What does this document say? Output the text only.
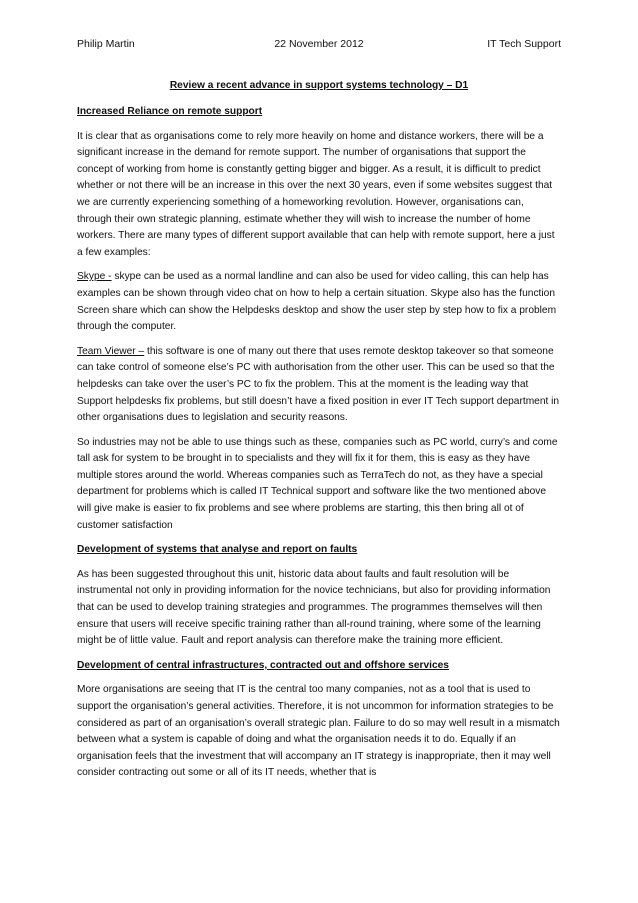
Philip Martin	22 November 2012	IT Tech Support
Review a recent advance in support systems technology – D1
Increased Reliance on remote support

It is clear that as organisations come to rely more heavily on home and distance workers, there will be a significant increase in the demand for remote support. The number of organisations that support the concept of working from home is constantly getting bigger and bigger. As a result, it is difficult to predict whether or not there will be an increase in this over the next 30 years, even if some websites suggest that we are currently experiencing something of a homeworking revolution. However, organisations can, through their own strategic planning, estimate whether they will wish to increase the number of home workers. There are many types of different support available that can help with remote support, here a just a few examples:

Skype - skype can be used as a normal landline and can also be used for video calling, this can help has examples can be shown through video chat on how to help a certain situation. Skype also has the function Screen share which can show the Helpdesks desktop and show the user step by step how to fix a problem through the computer.

Team Viewer – this software is one of many out there that uses remote desktop takeover so that someone can take control of someone else’s PC with authorisation from the other user. This can be used so that the helpdesks can take over the user’s PC to fix the problem. This at the moment is the leading way that Support helpdesks fix problems, but still doesn’t have a fixed position in ever IT Tech support department in other organisations dues to legislation and security reasons.

So industries may not be able to use things such as these, companies such as PC world, curry’s and come tall ask for system to be brought in to specialists and they will fix it for them, this is easy as they have multiple stores around the world. Whereas companies such as TerraTech do not, as they have a special department for problems which is called IT Technical support and software like the two mentioned above will give make is easier to fix problems and see where problems are starting, this then bring all ot of customer satisfaction

Development of systems that analyse and report on faults

As has been suggested throughout this unit, historic data about faults and fault resolution will be instrumental not only in providing information for the novice technicians, but also for providing information that can be used to develop training strategies and programmes. The programmes themselves will then ensure that users will receive specific training rather than all-round training, where some of the learning might be of little value. Fault and report analysis can therefore make the training more efficient.

Development of central infrastructures, contracted out and offshore services

More organisations are seeing that IT is the central too many companies, not as a tool that is used to support the organisation’s general activities. Therefore, it is not uncommon for information strategies to be considered as part of an organisation’s overall strategic plan. Failure to do so may well result in a mismatch between what a system is capable of doing and what the organisation needs it to do. Equally if an organisation feels that the investment that will accompany an IT strategy is inappropriate, then it may well consider contracting out some or all of its IT needs, whether that is
